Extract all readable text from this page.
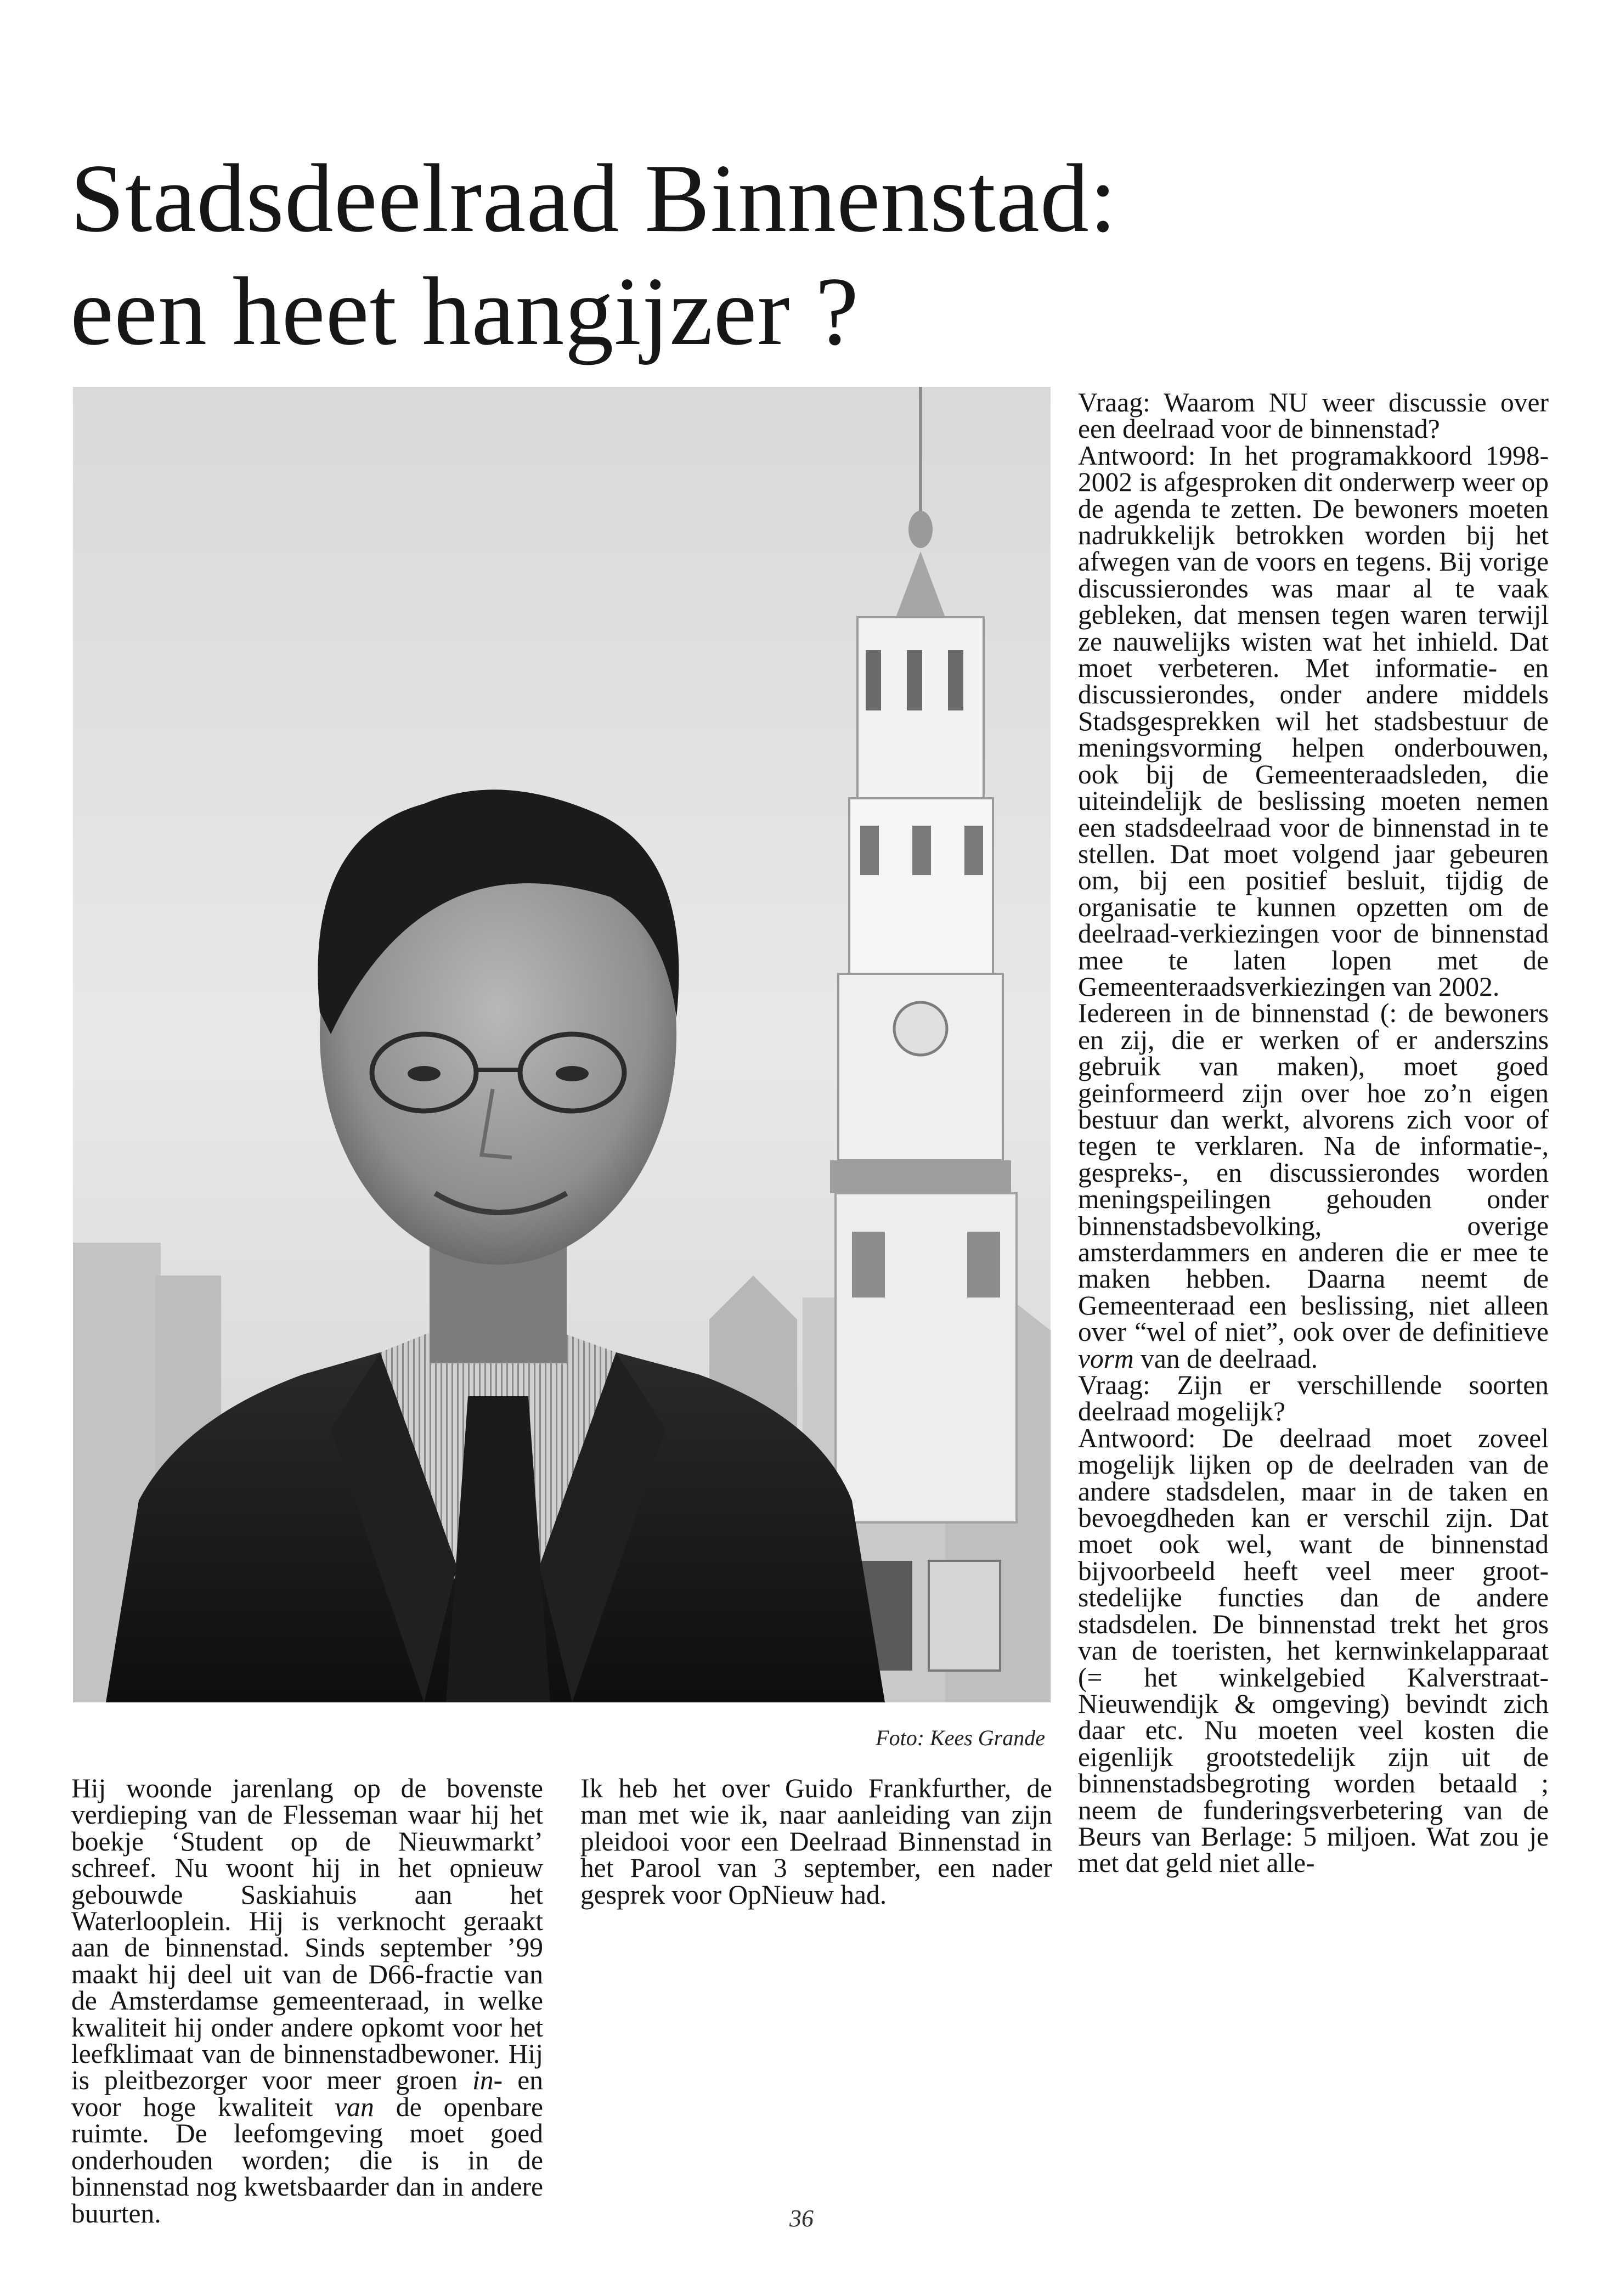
Stadsdeelraad Binnenstad:
een heet hangijzer ?
Foto: Kees Grande

Hij woonde jarenlang op de bovenste verdieping van de Flesseman waar hij het boekje ‘Student op de Nieuwmarkt’ schreef. Nu woont hij in het opnieuw gebouwde Saskiahuis aan het Waterlooplein. Hij is verknocht geraakt aan de binnenstad. Sinds september ’99 maakt hij deel uit van de D66-fractie van de Amsterdamse gemeenteraad, in welke kwaliteit hij onder andere opkomt voor het leefklimaat van de binnenstadbewoner. Hij is pleitbezorger voor meer groen in- en voor hoge kwaliteit van de openbare ruimte. De leefomgeving moet goed onderhouden worden; die is in de binnenstad nog kwetsbaarder dan in andere buurten.

Ik heb het over Guido Frankfurther, de man met wie ik, naar aanleiding van zijn pleidooi voor een Deelraad Binnenstad in het Parool van 3 september, een nader gesprek voor OpNieuw had.

Vraag: Waarom NU weer discussie over een deelraad voor de binnenstad?

Antwoord: In het programakkoord 1998-2002 is afgesproken dit onderwerp weer op de agenda te zetten. De bewoners moeten nadrukkelijk betrokken worden bij het afwegen van de voors en tegens. Bij vorige discussierondes was maar al te vaak gebleken, dat mensen tegen waren terwijl ze nauwelijks wisten wat het inhield. Dat moet verbeteren. Met informatie- en discussierondes, onder andere middels Stadsgesprekken wil het stadsbestuur de meningsvorming helpen onderbouwen, ook bij de Gemeenteraadsleden, die uiteindelijk de beslissing moeten nemen een stadsdeelraad voor de binnenstad in te stellen. Dat moet volgend jaar gebeuren om, bij een positief besluit, tijdig de organisatie te kunnen opzetten om de deelraad-verkiezingen voor de binnenstad mee te laten lopen met de Gemeenteraadsverkiezingen van 2002.

Iedereen in de binnenstad (: de bewoners en zij, die er werken of er anderszins gebruik van maken), moet goed geinformeerd zijn over hoe zo’n eigen bestuur dan werkt, alvorens zich voor of tegen te verklaren. Na de informatie-, gespreks-, en discussierondes worden meningspeilingen gehouden onder binnenstadsbevolking, overige amsterdammers en anderen die er mee te maken hebben. Daarna neemt de Gemeenteraad een beslissing, niet alleen over “wel of niet”, ook over de definitieve vorm van de deelraad.

Vraag: Zijn er verschillende soorten deelraad mogelijk?

Antwoord: De deelraad moet zoveel mogelijk lijken op de deelraden van de andere stadsdelen, maar in de taken en bevoegdheden kan er verschil zijn. Dat moet ook wel, want de binnenstad bijvoorbeeld heeft veel meer groot-stedelijke functies dan de andere stadsdelen. De binnenstad trekt het gros van de toeristen, het kernwinkelapparaat (= het winkelgebied Kalverstraat-Nieuwendijk & omgeving) bevindt zich daar etc. Nu moeten veel kosten die eigenlijk grootstedelijk zijn uit de binnenstadsbegroting worden betaald ; neem de funderingsverbetering van de Beurs van Berlage: 5 miljoen. Wat zou je met dat geld niet alle-

36
